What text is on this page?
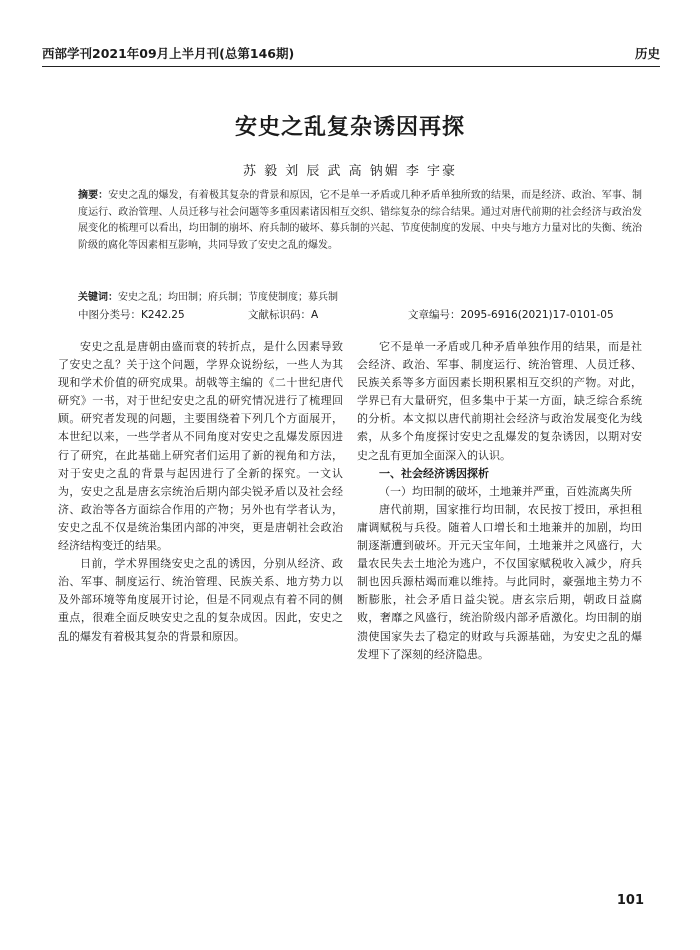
西部学刊2021年09月上半月刊(总第146期)	历史
安史之乱复杂诱因再探
苏 毅 刘 辰 武 高 钠媚 李 宇豪
摘要：安史之乱的爆发，有着极其复杂的背景和原因，它不是单一矛盾或几种矛盾单独所致的结果，而是经济、政治、军事、制度运行、政治管理、人员迁移与社会问题等多重因素诸因相互交织、错综复杂的综合结果。通过对唐代前期的社会经济与政治发展变化的梳理可以看出，均田制的崩坏、府兵制的破坏、募兵制的兴起、节度使制度的发展、中央与地方力量对比的失衡、统治阶级的腐化等因素相互影响，共同导致了安史之乱的爆发。
关键词：安史之乱；均田制；府兵制；节度使制度；募兵制
中图分类号：K242.25	文献标识码：A	文章编号：2095-6916(2021)17-0101-05

安史之乱是唐朝由盛而衰的转折点，是什么因素导致了安史之乱？关于这个问题，学界众说纷纭，一些人为其现和学术价值的研究成果。胡戟等主编的《二十世纪唐代研究》一书，对于世纪安史之乱的研究情况进行了梳理回顾。研究者发现的问题，主要围绕着下列几个方面展开，本世纪以来，一些学者从不同角度对安史之乱爆发原因进行了研究，在此基础上研究者们运用了新的视角和方法，对于安史之乱的背景与起因进行了全新的探究。一文认为，安史之乱是唐玄宗统治后期内部尖锐矛盾以及社会经济、政治等各方面综合作用的产物；另外也有学者认为，安史之乱不仅是统治集团内部的冲突，更是唐朝社会政治经济结构变迁的结果。

日前，学术界围绕安史之乱的诱因，分别从经济、政治、军事、制度运行、统治管理、民族关系、地方势力以及外部环境等角度展开讨论，但是不同观点有着不同的侧重点，很难全面反映安史之乱的复杂成因。因此，安史之乱的爆发有着极其复杂的背景和原因。

它不是单一矛盾或几种矛盾单独作用的结果，而是社会经济、政治、军事、制度运行、统治管理、人员迁移、民族关系等多方面因素长期积累相互交织的产物。对此，学界已有大量研究，但多集中于某一方面，缺乏综合系统的分析。本文拟以唐代前期社会经济与政治发展变化为线索，从多个角度探讨安史之乱爆发的复杂诱因，以期对安史之乱有更加全面深入的认识。

一、社会经济诱因探析

（一）均田制的破坏，土地兼并严重，百姓流离失所

唐代前期，国家推行均田制，农民按丁授田，承担租庸调赋税与兵役。随着人口增长和土地兼并的加剧，均田制逐渐遭到破坏。开元天宝年间，土地兼并之风盛行，大量农民失去土地沦为逃户，不仅国家赋税收入减少，府兵制也因兵源枯竭而难以维持。与此同时，豪强地主势力不断膨胀，社会矛盾日益尖锐。唐玄宗后期，朝政日益腐败，奢靡之风盛行，统治阶级内部矛盾激化。均田制的崩溃使国家失去了稳定的财政与兵源基础，为安史之乱的爆发埋下了深刻的经济隐患。

101
